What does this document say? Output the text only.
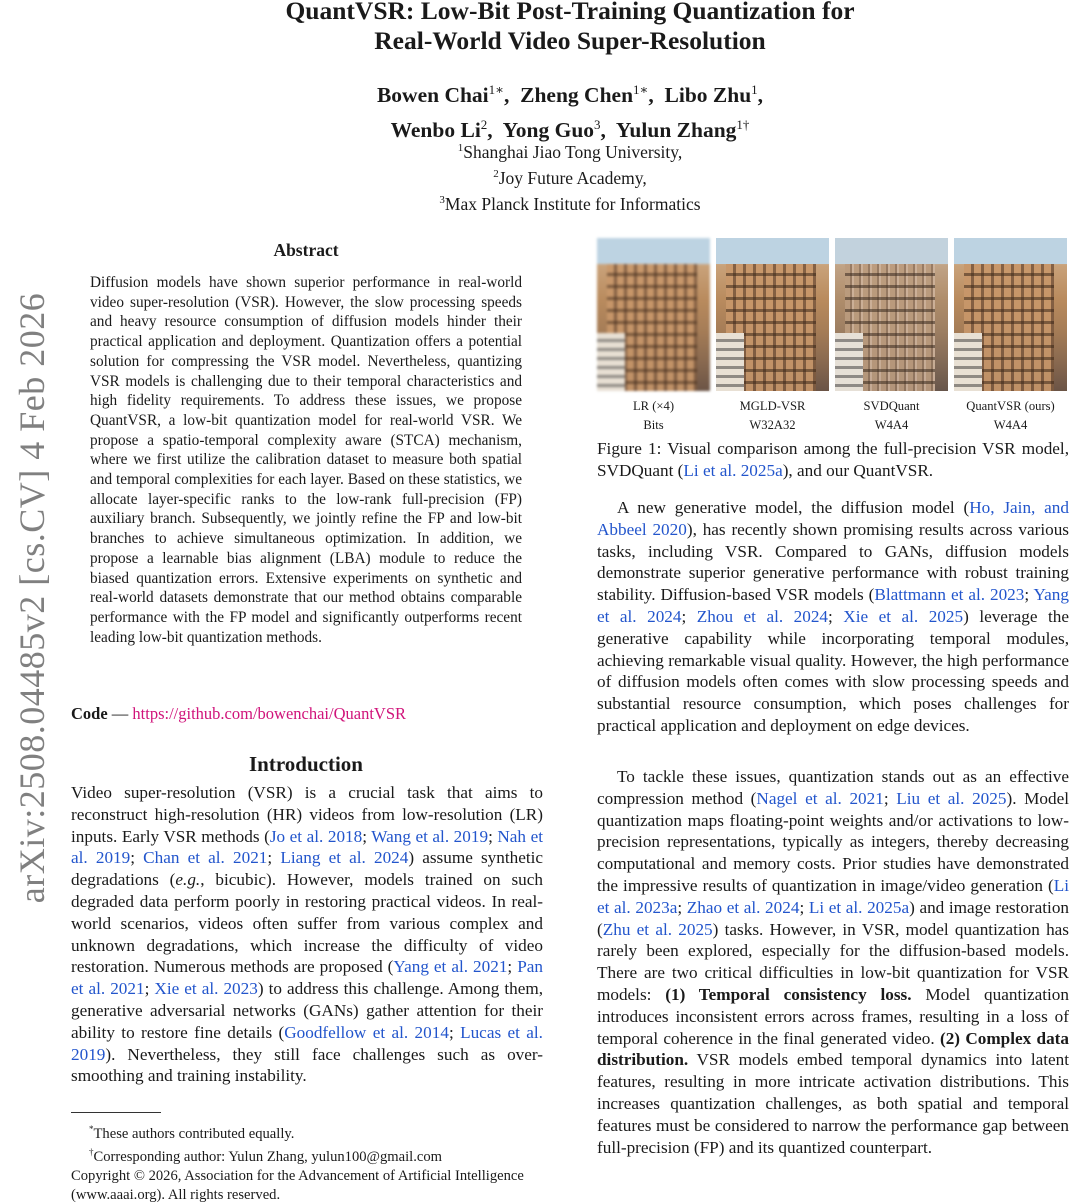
arXiv:2508.04485v2 [cs.CV] 4 Feb 2026
QuantVSR: Low-Bit Post-Training Quantization for
Real-World Video Super-Resolution
Bowen Chai$^{1∗}$,  Zheng Chen$^{1∗}$,  Libo Zhu$^1$,
Wenbo Li$^2$,  Yong Guo$^3$,  Yulun Zhang$^{1\dagger}$
$^1$Shanghai Jiao Tong University,
$^2$Joy Future Academy,
$^3$Max Planck Institute for Informatics
Abstract
Diffusion models have shown superior performance in real-world video super-resolution (VSR). However, the slow processing speeds and heavy resource consumption of diffusion models hinder their practical application and deployment. Quantization offers a potential solution for compressing the VSR model. Nevertheless, quantizing VSR models is challenging due to their temporal characteristics and high fidelity requirements. To address these issues, we propose QuantVSR, a low-bit quantization model for real-world VSR. We propose a spatio-temporal complexity aware (STCA) mechanism, where we first utilize the calibration dataset to measure both spatial and temporal complexities for each layer. Based on these statistics, we allocate layer-specific ranks to the low-rank full-precision (FP) auxiliary branch. Subsequently, we jointly refine the FP and low-bit branches to achieve simultaneous optimization. In addition, we propose a learnable bias alignment (LBA) module to reduce the biased quantization errors. Extensive experiments on synthetic and real-world datasets demonstrate that our method obtains comparable performance with the FP model and significantly outperforms recent leading low-bit quantization methods.
Code — https://github.com/bowenchai/QuantVSR
Introduction
Video super-resolution (VSR) is a crucial task that aims to reconstruct high-resolution (HR) videos from low-resolution (LR) inputs. Early VSR methods (Jo et al. 2018; Wang et al. 2019; Nah et al. 2019; Chan et al. 2021; Liang et al. 2024) assume synthetic degradations (e.g., bicubic). However, models trained on such degraded data perform poorly in restoring practical videos. In real-world scenarios, videos often suffer from various complex and unknown degradations, which increase the difficulty of video restoration. Numerous methods are proposed (Yang et al. 2021; Pan et al. 2021; Xie et al. 2023) to address this challenge. Among them, generative adversarial networks (GANs) gather attention for their ability to restore fine details (Goodfellow et al. 2014; Lucas et al. 2019). Nevertheless, they still face challenges such as over-smoothing and training instability.

*These authors contributed equally.

†Corresponding author: Yulun Zhang, yulun100@gmail.com

Copyright © 2026, Association for the Advancement of Artificial Intelligence (www.aaai.org). All rights reserved.

LR (×4)
Bits
MGLD-VSR
W32A32
SVDQuant
W4A4
QuantVSR (ours)
W4A4
Figure 1: Visual comparison among the full-precision VSR model, SVDQuant (Li et al. 2025a), and our QuantVSR.
A new generative model, the diffusion model (Ho, Jain, and Abbeel 2020), has recently shown promising results across various tasks, including VSR. Compared to GANs, diffusion models demonstrate superior generative performance with robust training stability. Diffusion-based VSR models (Blattmann et al. 2023; Yang et al. 2024; Zhou et al. 2024; Xie et al. 2025) leverage the generative capability while incorporating temporal modules, achieving remarkable visual quality. However, the high performance of diffusion models often comes with slow processing speeds and substantial resource consumption, which poses challenges for practical application and deployment on edge devices.
To tackle these issues, quantization stands out as an effective compression method (Nagel et al. 2021; Liu et al. 2025). Model quantization maps floating-point weights and/or activations to low-precision representations, typically as integers, thereby decreasing computational and memory costs. Prior studies have demonstrated the impressive results of quantization in image/video generation (Li et al. 2023a; Zhao et al. 2024; Li et al. 2025a) and image restoration (Zhu et al. 2025) tasks. However, in VSR, model quantization has rarely been explored, especially for the diffusion-based models. There are two critical difficulties in low-bit quantization for VSR models: (1) Temporal consistency loss. Model quantization introduces inconsistent errors across frames, resulting in a loss of temporal coherence in the final generated video. (2) Complex data distribution. VSR models embed temporal dynamics into latent features, resulting in more intricate activation distributions. This increases quantization challenges, as both spatial and temporal features must be considered to narrow the performance gap between full-precision (FP) and its quantized counterpart.
